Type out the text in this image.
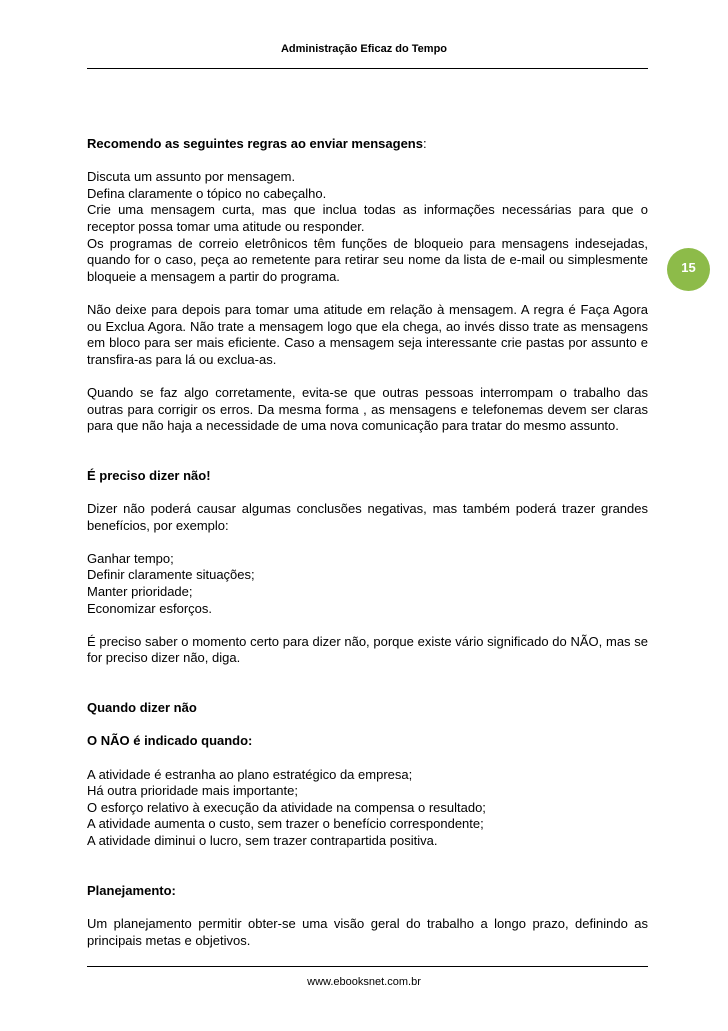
Administração Eficaz do Tempo
15

Recomendo as seguintes regras ao enviar mensagens:

Discuta um assunto por mensagem.

Defina claramente o tópico no cabeçalho.

Crie uma mensagem curta, mas que inclua todas as informações necessárias para que o receptor possa tomar uma atitude ou responder.

Os programas de correio eletrônicos têm funções de bloqueio para mensagens indesejadas, quando for o caso, peça ao remetente para retirar seu nome da lista de e-mail ou simplesmente bloqueie a mensagem a partir do programa.

Não deixe para depois para tomar uma atitude em relação à mensagem. A regra é Faça Agora ou Exclua Agora. Não trate a mensagem logo que ela chega, ao invés disso trate as mensagens em bloco para ser mais eficiente. Caso a mensagem seja interessante crie pastas por assunto e transfira-as para lá ou exclua-as.

Quando se faz algo corretamente, evita-se que outras pessoas interrompam o trabalho das outras para corrigir os erros. Da mesma forma , as mensagens e telefonemas devem ser claras para que não haja a necessidade de uma nova comunicação para tratar do mesmo assunto.

É preciso dizer não!

Dizer não poderá causar algumas conclusões negativas, mas também poderá trazer grandes benefícios, por exemplo:

Ganhar tempo;

Definir claramente situações;

Manter prioridade;

Economizar esforços.

É preciso saber o momento certo para dizer não, porque existe vário significado do NÃO, mas se for preciso dizer não, diga.

Quando dizer não

O NÃO é indicado quando:

A atividade é estranha ao plano estratégico da empresa;

Há outra prioridade mais importante;

O esforço relativo à execução da atividade na compensa o resultado;

A atividade aumenta o custo, sem trazer o benefício correspondente;

A atividade diminui o lucro, sem trazer contrapartida positiva.

Planejamento:

Um planejamento permitir obter-se uma visão geral do trabalho a longo prazo, definindo as principais metas e objetivos.

www.ebooksnet.com.br
